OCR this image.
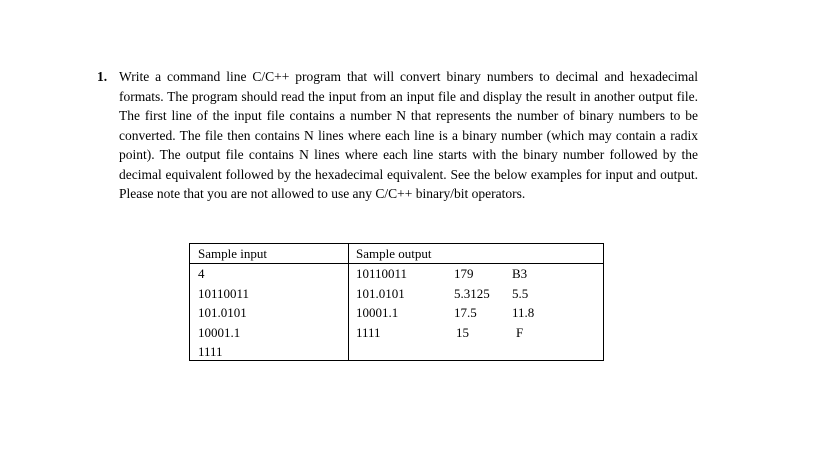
1. Write a command line C/C++ program that will convert binary numbers to decimal and hexadecimal formats. The program should read the input from an input file and display the result in another output file. The first line of the input file contains a number N that represents the number of binary numbers to be converted. The file then contains N lines where each line is a binary number (which may contain a radix point). The output file contains N lines where each line starts with the binary number followed by the decimal equivalent followed by the hexadecimal equivalent. See the below examples for input and output. Please note that you are not allowed to use any C/C++ binary/bit operators.
Sample input	Sample output
4
10110011
101.0101
10001.1
1111
10110011	179	B3
101.0101	5.3125 5.5
10001.1	17.5	11.8
1111	15	F
